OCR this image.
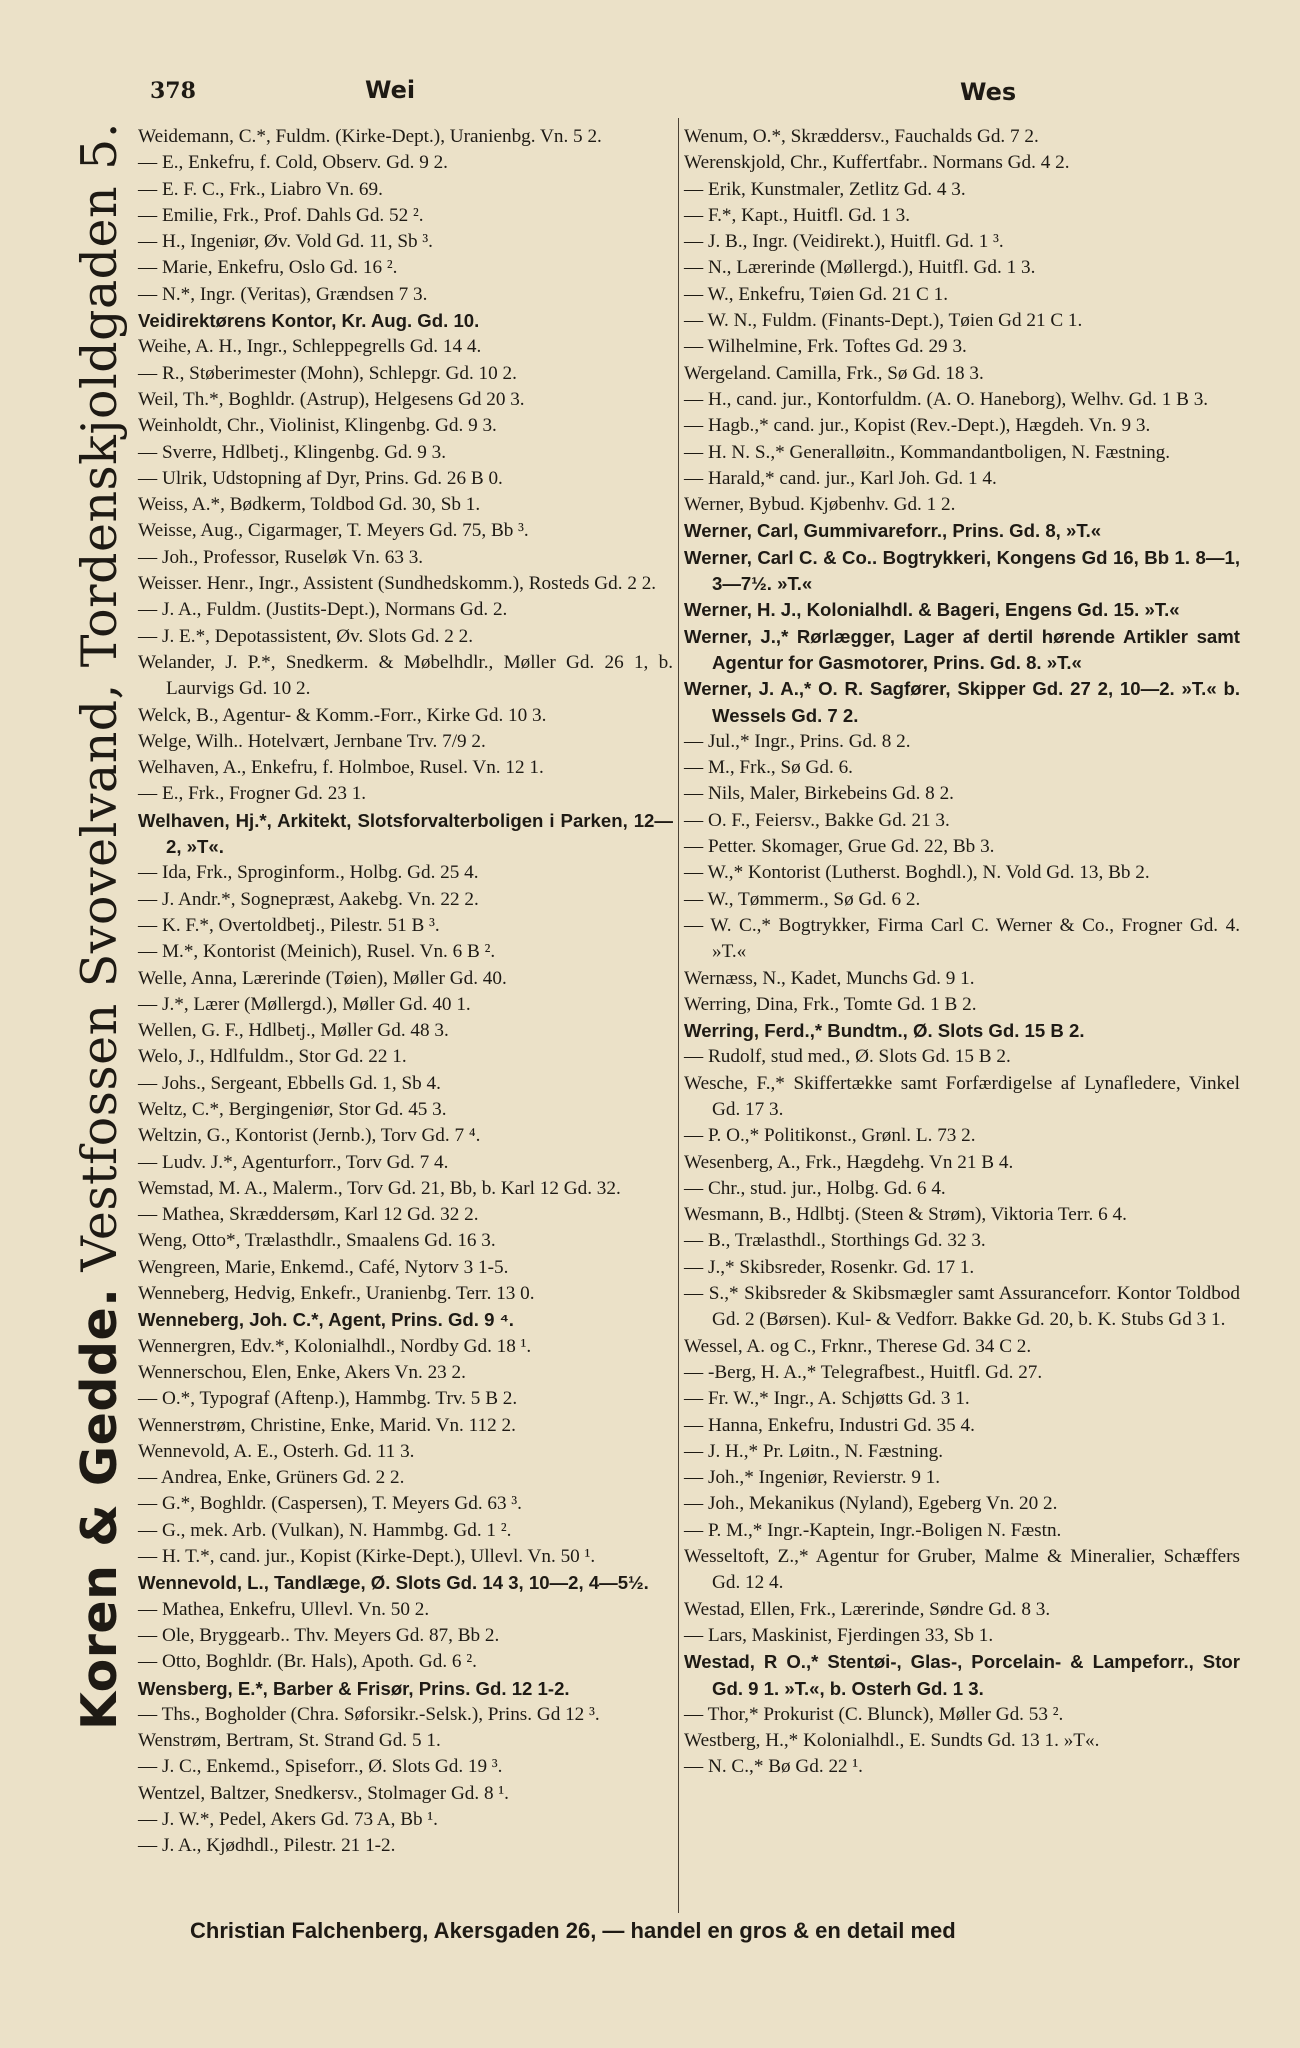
378	Wei	Wes
Koren & Gedde. Vestfossen Svovelvand, Tordenskjoldgaden 5. Weidemann, C.*, Fuldm. (Kirke-Dept.), Uranienbg. Vn. 5 2.
— E., Enkefru, f. Cold, Observ. Gd. 9 2.
— E. F. C., Frk., Liabro Vn. 69.
— Emilie, Frk., Prof. Dahls Gd. 52 ².
— H., Ingeniør, Øv. Vold Gd. 11, Sb ³.
— Marie, Enkefru, Oslo Gd. 16 ².
— N.*, Ingr. (Veritas), Grændsen 7 3.
Veidirektørens Kontor, Kr. Aug. Gd. 10.
Weihe, A. H., Ingr., Schleppegrells Gd. 14 4.
— R., Støberimester (Mohn), Schlepgr. Gd. 10 2.
Weil, Th.*, Boghldr. (Astrup), Helgesens Gd 20 3.
Weinholdt, Chr., Violinist, Klingenbg. Gd. 9 3.
— Sverre, Hdlbetj., Klingenbg. Gd. 9 3.
— Ulrik, Udstopning af Dyr, Prins. Gd. 26 B 0.
Weiss, A.*, Bødkerm, Toldbod Gd. 30, Sb 1.
Weisse, Aug., Cigarmager, T. Meyers Gd. 75, Bb ³.
— Joh., Professor, Ruseløk Vn. 63 3.
Weisser. Henr., Ingr., Assistent (Sundhedskomm.), Rosteds Gd. 2 2.
— J. A., Fuldm. (Justits-Dept.), Normans Gd. 2.
— J. E.*, Depotassistent, Øv. Slots Gd. 2 2.
Welander, J. P.*, Snedkerm. & Møbelhdlr., Møller Gd. 26 1, b. Laurvigs Gd. 10 2.
Welck, B., Agentur- & Komm.-Forr., Kirke Gd. 10 3.
Welge, Wilh.. Hotelvært, Jernbane Trv. 7/9 2.
Welhaven, A., Enkefru, f. Holmboe, Rusel. Vn. 12 1.
— E., Frk., Frogner Gd. 23 1.
Welhaven, Hj.*, Arkitekt, Slotsforvalterboligen i Parken, 12—2, »T«.
— Ida, Frk., Sproginform., Holbg. Gd. 25 4.
— J. Andr.*, Sognepræst, Aakebg. Vn. 22 2.
— K. F.*, Overtoldbetj., Pilestr. 51 B ³.
— M.*, Kontorist (Meinich), Rusel. Vn. 6 B ².
Welle, Anna, Lærerinde (Tøien), Møller Gd. 40.
— J.*, Lærer (Møllergd.), Møller Gd. 40 1.
Wellen, G. F., Hdlbetj., Møller Gd. 48 3.
Welo, J., Hdlfuldm., Stor Gd. 22 1.
— Johs., Sergeant, Ebbells Gd. 1, Sb 4.
Weltz, C.*, Bergingeniør, Stor Gd. 45 3.
Weltzin, G., Kontorist (Jernb.), Torv Gd. 7 ⁴.
— Ludv. J.*, Agenturforr., Torv Gd. 7 4.
Wemstad, M. A., Malerm., Torv Gd. 21, Bb, b. Karl 12 Gd. 32.
— Mathea, Skræddersøm, Karl 12 Gd. 32 2.
Weng, Otto*, Trælasthdlr., Smaalens Gd. 16 3.
Wengreen, Marie, Enkemd., Café, Nytorv 3 1-5.
Wenneberg, Hedvig, Enkefr., Uranienbg. Terr. 13 0.
Wenneberg, Joh. C.*, Agent, Prins. Gd. 9 ⁴.
Wennergren, Edv.*, Kolonialhdl., Nordby Gd. 18 ¹.
Wennerschou, Elen, Enke, Akers Vn. 23 2.
— O.*, Typograf (Aftenp.), Hammbg. Trv. 5 B 2.
Wennerstrøm, Christine, Enke, Marid. Vn. 112 2.
Wennevold, A. E., Osterh. Gd. 11 3.
— Andrea, Enke, Grüners Gd. 2 2.
— G.*, Boghldr. (Caspersen), T. Meyers Gd. 63 ³.
— G., mek. Arb. (Vulkan), N. Hammbg. Gd. 1 ².
— H. T.*, cand. jur., Kopist (Kirke-Dept.), Ullevl. Vn. 50 ¹.
Wennevold, L., Tandlæge, Ø. Slots Gd. 14 3, 10—2, 4—5½.
— Mathea, Enkefru, Ullevl. Vn. 50 2.
— Ole, Bryggearb.. Thv. Meyers Gd. 87, Bb 2.
— Otto, Boghldr. (Br. Hals), Apoth. Gd. 6 ².
Wensberg, E.*, Barber & Frisør, Prins. Gd. 12 1-2.
— Ths., Bogholder (Chra. Søforsikr.-Selsk.), Prins. Gd 12 ³.
Wenstrøm, Bertram, St. Strand Gd. 5 1.
— J. C., Enkemd., Spiseforr., Ø. Slots Gd. 19 ³.
Wentzel, Baltzer, Snedkersv., Stolmager Gd. 8 ¹.
— J. W.*, Pedel, Akers Gd. 73 A, Bb ¹.
— J. A., Kjødhdl., Pilestr. 21 1-2.
Wenum, O.*, Skræddersv., Fauchalds Gd. 7 2.
Werenskjold, Chr., Kuffertfabr.. Normans Gd. 4 2.
— Erik, Kunstmaler, Zetlitz Gd. 4 3.
— F.*, Kapt., Huitfl. Gd. 1 3.
— J. B., Ingr. (Veidirekt.), Huitfl. Gd. 1 ³.
— N., Lærerinde (Møllergd.), Huitfl. Gd. 1 3.
— W., Enkefru, Tøien Gd. 21 C 1.
— W. N., Fuldm. (Finants-Dept.), Tøien Gd 21 C 1.
— Wilhelmine, Frk. Toftes Gd. 29 3.
Wergeland. Camilla, Frk., Sø Gd. 18 3.
— H., cand. jur., Kontorfuldm. (A. O. Haneborg), Welhv. Gd. 1 B 3.
— Hagb.,* cand. jur., Kopist (Rev.-Dept.), Hægdeh. Vn. 9 3.
— H. N. S.,* Generalløitn., Kommandantboligen, N. Fæstning.
— Harald,* cand. jur., Karl Joh. Gd. 1 4.
Werner, Bybud. Kjøbenhv. Gd. 1 2.
Werner, Carl, Gummivareforr., Prins. Gd. 8, »T.«
Werner, Carl C. & Co.. Bogtrykkeri, Kongens Gd 16, Bb 1. 8—1, 3—7½. »T.«
Werner, H. J., Kolonialhdl. & Bageri, Engens Gd. 15. »T.«
Werner, J.,* Rørlægger, Lager af dertil hørende Artikler samt Agentur for Gasmotorer, Prins. Gd. 8. »T.«
Werner, J. A.,* O. R. Sagfører, Skipper Gd. 27 2, 10—2. »T.« b. Wessels Gd. 7 2.
— Jul.,* Ingr., Prins. Gd. 8 2.
— M., Frk., Sø Gd. 6.
— Nils, Maler, Birkebeins Gd. 8 2.
— O. F., Feiersv., Bakke Gd. 21 3.
— Petter. Skomager, Grue Gd. 22, Bb 3.
— W.,* Kontorist (Lutherst. Boghdl.), N. Vold Gd. 13, Bb 2.
— W., Tømmerm., Sø Gd. 6 2.
— W. C.,* Bogtrykker, Firma Carl C. Werner & Co., Frogner Gd. 4. »T.«
Wernæss, N., Kadet, Munchs Gd. 9 1.
Werring, Dina, Frk., Tomte Gd. 1 B 2.
Werring, Ferd.,* Bundtm., Ø. Slots Gd. 15 B 2.
— Rudolf, stud med., Ø. Slots Gd. 15 B 2.
Wesche, F.,* Skiffertække samt Forfærdigelse af Lynafledere, Vinkel Gd. 17 3.
— P. O.,* Politikonst., Grønl. L. 73 2.
Wesenberg, A., Frk., Hægdehg. Vn 21 B 4.
— Chr., stud. jur., Holbg. Gd. 6 4.
Wesmann, B., Hdlbtj. (Steen & Strøm), Viktoria Terr. 6 4.
— B., Trælasthdl., Storthings Gd. 32 3.
— J.,* Skibsreder, Rosenkr. Gd. 17 1.
— S.,* Skibsreder & Skibsmægler samt Assuranceforr. Kontor Toldbod Gd. 2 (Børsen). Kul- & Vedforr. Bakke Gd. 20, b. K. Stubs Gd 3 1.
Wessel, A. og C., Frknr., Therese Gd. 34 C 2.
— -Berg, H. A.,* Telegrafbest., Huitfl. Gd. 27.
— Fr. W.,* Ingr., A. Schjøtts Gd. 3 1.
— Hanna, Enkefru, Industri Gd. 35 4.
— J. H.,* Pr. Løitn., N. Fæstning.
— Joh.,* Ingeniør, Revierstr. 9 1.
— Joh., Mekanikus (Nyland), Egeberg Vn. 20 2.
— P. M.,* Ingr.-Kaptein, Ingr.-Boligen N. Fæstn.
Wesseltoft, Z.,* Agentur for Gruber, Malme & Mineralier, Schæffers Gd. 12 4.
Westad, Ellen, Frk., Lærerinde, Søndre Gd. 8 3.
— Lars, Maskinist, Fjerdingen 33, Sb 1.
Westad, R O.,* Stentøi-, Glas-, Porcelain- & Lampeforr., Stor Gd. 9 1. »T.«, b. Osterh Gd. 1 3.
— Thor,* Prokurist (C. Blunck), Møller Gd. 53 ².
Westberg, H.,* Kolonialhdl., E. Sundts Gd. 13 1. »T«.
— N. C.,* Bø Gd. 22 ¹.
Christian Falchenberg, Akersgaden 26, — handel en gros & en detail med
